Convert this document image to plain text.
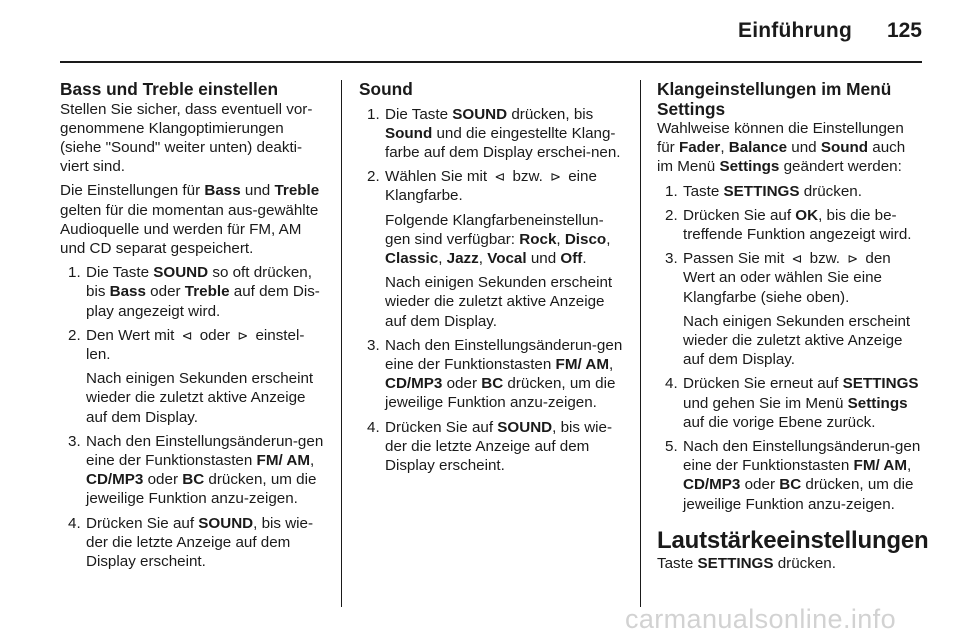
Einführung 125
Bass und Treble einstellen

Stellen Sie sicher, dass eventuell vor-genommene Klangoptimierungen (siehe "Sound" weiter unten) deakti-viert sind.

Die Einstellungen für Bass und Treble gelten für die momentan aus-gewählte Audioquelle und werden für FM, AM und CD separat gespeichert.

1. Die Taste SOUND so oft drücken, bis Bass oder Treble auf dem Dis-play angezeigt wird.
2. Den Wert mit ⊲ oder ⊳ einstel-len.
Nach einigen Sekunden erscheint wieder die zuletzt aktive Anzeige auf dem Display.
3. Nach den Einstellungsänderun-gen eine der Funktionstasten FM/ AM, CD/MP3 oder BC drücken, um die jeweilige Funktion anzu-zeigen.
4. Drücken Sie auf SOUND, bis wie-der die letzte Anzeige auf dem Display erscheint.
Sound
1. Die Taste SOUND drücken, bis Sound und die eingestellte Klang-farbe auf dem Display erschei-nen.
2. Wählen Sie mit ⊲ bzw. ⊳ eine Klangfarbe.
Folgende Klangfarbeneinstellun-gen sind verfügbar: Rock, Disco, Classic, Jazz, Vocal und Off.
Nach einigen Sekunden erscheint wieder die zuletzt aktive Anzeige auf dem Display.
3. Nach den Einstellungsänderun-gen eine der Funktionstasten FM/ AM, CD/MP3 oder BC drücken, um die jeweilige Funktion anzu-zeigen.
4. Drücken Sie auf SOUND, bis wie-der die letzte Anzeige auf dem Display erscheint.
Klangeinstellungen im Menü Settings

Wahlweise können die Einstellungen für Fader, Balance und Sound auch im Menü Settings geändert werden:

1. Taste SETTINGS drücken.
2. Drücken Sie auf OK, bis die be-treffende Funktion angezeigt wird.
3. Passen Sie mit ⊲ bzw. ⊳ den Wert an oder wählen Sie eine Klangfarbe (siehe oben).
Nach einigen Sekunden erscheint wieder die zuletzt aktive Anzeige auf dem Display.
4. Drücken Sie erneut auf SETTINGS und gehen Sie im Menü Settings auf die vorige Ebene zurück.
5. Nach den Einstellungsänderun-gen eine der Funktionstasten FM/ AM, CD/MP3 oder BC drücken, um die jeweilige Funktion anzu-zeigen.
Lautstärkeeinstellungen

Taste SETTINGS drücken.

carmanualsonline.info
